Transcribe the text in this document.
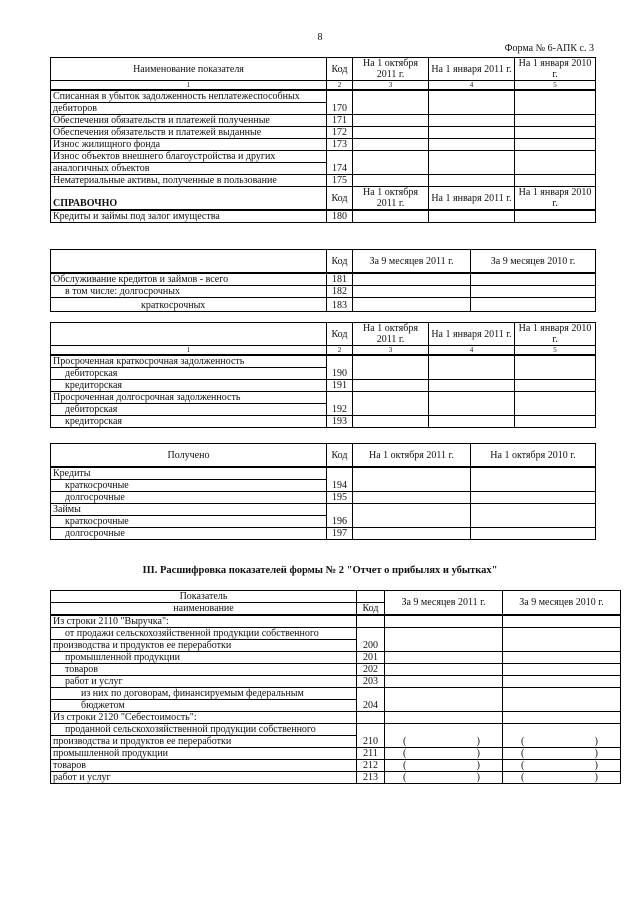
8
Форма № 6-АПК с. 3
Наименование показателя	Код	На 1 октября 2011 г.	На 1 января 2011 г.	На 1 января 2010 г.
1	2	3	4	5
Списанная в убыток задолженность неплатежеспособных	170			
дебиторов				
Обеспечения обязательств и платежей полученные	171			
Обеспечения обязательств и платежей выданные	172			
Износ жилищного фонда	173			
Износ объектов внешнего благоустройства и других	174			
аналогичных объектов				
Нематериальные активы, полученные в пользование	175			
СПРАВОЧНО	Код	На 1 октября 2011 г.	На 1 января 2011 г.	На 1 января 2010 г.
Кредиты и займы под залог имущества	180			
	Код	За 9 месяцев 2011 г.	За 9 месяцев 2010 г.
Обслуживание кредитов и займов - всего	181		
в том числе: долгосрочных	182		
краткосрочных	183		
	Код	На 1 октября 2011 г.	На 1 января 2011 г.	На 1 января 2010 г.
1	2	3	4	5
Просроченная краткосрочная задолженность	190			
дебиторская				
кредиторская	191			
Просроченная долгосрочная задолженность	192			
дебиторская				
кредиторская	193			
Получено	Код	На 1 октября 2011 г.	На 1 октября 2010 г.
Кредиты	194		
краткосрочные			
долгосрочные	195		
Займы	196		
краткосрочные			
долгосрочные	197		
III. Расшифровка показателей формы № 2 "Отчет о прибылях и убытках"
Показатель		За 9 месяцев 2011 г.	За 9 месяцев 2010 г.
наименование	Код		
Из строки 2110 "Выручка":			
от продажи сельскохозяйственной продукции собственного	200		
производства и продуктов ее переработки			
промышленной продукции	201		
товаров	202		
работ и услуг	203		
из них по договорам, финансируемым федеральным	204		
бюджетом			
Из строки 2120 "Себестоимость":			
проданной сельскохозяйственной продукции собственного	210	( )	( )

производства и продуктов ее переработки			
промышленной продукции	211	( )	( )

товаров	212	( )	( )

работ и услуг	213	( )	( )
